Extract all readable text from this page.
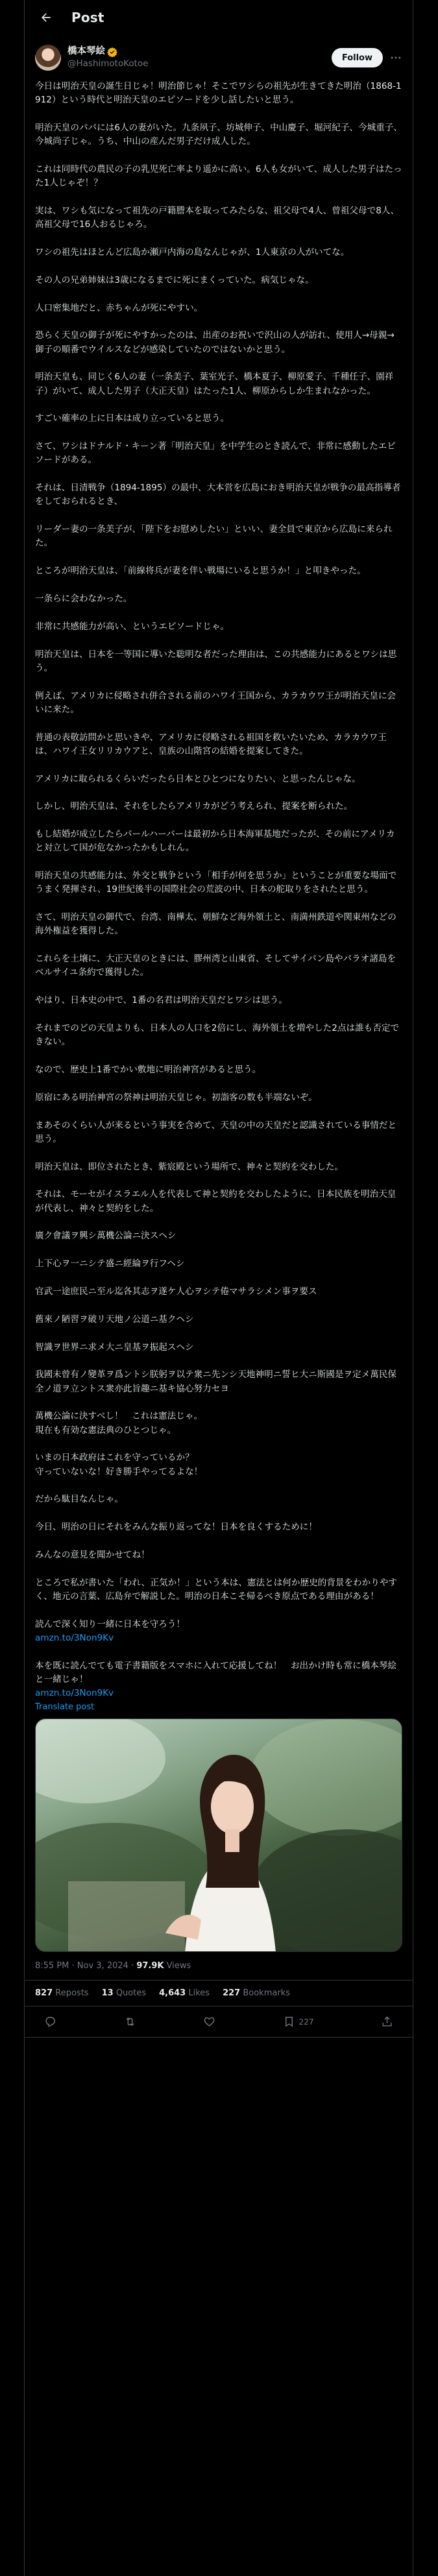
Post
橋本琴絵
@HashimotoKotoe
Follow

今日は明治天皇の誕生日じゃ！明治節じゃ！そこでワシらの祖先が生きてきた明治（1868-1912）という時代と明治天皇のエピソードを少し話したいと思う。

明治天皇のパパには6人の妻がいた。九条夙子、坊城伸子、中山慶子、堀河紀子、今城重子、今城尚子じゃ。うち、中山の産んだ男子だけ成人した。

これは同時代の農民の子の乳児死亡率より遥かに高い。6人も女がいて、成人した男子はたった1人じゃぞ！？

実は、ワシも気になって祖先の戸籍謄本を取ってみたらな、祖父母で4人、曾祖父母で8人、高祖父母で16人おるじゃろ。

ワシの祖先はほとんど広島か瀬戸内海の島なんじゃが、1人東京の人がいてな。

その人の兄弟姉妹は3歳になるまでに死にまくっていた。病気じゃな。

人口密集地だと、赤ちゃんが死にやすい。

恐らく天皇の御子が死にやすかったのは、出産のお祝いで沢山の人が訪れ、使用人→母親→御子の順番でウイルスなどが感染していたのではないかと思う。

明治天皇も、同じく6人の妻（一条美子、葉室光子、橋本夏子、柳原愛子、千種任子、園祥子）がいて、成人した男子（大正天皇）はたった1人、柳原からしか生まれなかった。

すごい確率の上に日本は成り立っていると思う。

さて、ワシはドナルド・キーン著「明治天皇」を中学生のとき読んで、非常に感動したエピソードがある。

それは、日清戦争（1894-1895）の最中、大本営を広島におき明治天皇が戦争の最高指導者をしておられるとき、

リーダー妻の一条美子が、「陛下をお慰めしたい」といい、妻全員で東京から広島に来られた。

ところが明治天皇は、「前線将兵が妻を伴い戦場にいると思うか！」と叩きやった。

一条らに会わなかった。

非常に共感能力が高い、というエピソードじゃ。

明治天皇は、日本を一等国に導いた聡明な者だった理由は、この共感能力にあるとワシは思う。

例えば、アメリカに侵略され併合される前のハワイ王国から、カラカウワ王が明治天皇に会いに来た。

普通の表敬訪問かと思いきや、アメリカに侵略される祖国を救いたいため、カラカウワ王は、ハワイ王女リリカウアと、皇族の山階宮の結婚を提案してきた。

アメリカに取られるくらいだったら日本とひとつになりたい、と思ったんじゃな。

しかし、明治天皇は、それをしたらアメリカがどう考えられ、提案を断られた。

もし結婚が成立したらパールハーバーは最初から日本海軍基地だったが、その前にアメリカと対立して国が危なかったかもしれん。

明治天皇の共感能力は、外交と戦争という「相手が何を思うか」ということが重要な場面でうまく発揮され、19世紀後半の国際社会の荒波の中、日本の舵取りをされたと思う。

さて、明治天皇の御代で、台湾、南樺太、朝鮮など海外領土と、南満州鉄道や関東州などの海外権益を獲得した。

これらを土壌に、大正天皇のときには、膠州湾と山東省、そしてサイパン島やパラオ諸島をベルサイユ条約で獲得した。

やはり、日本史の中で、1番の名君は明治天皇だとワシは思う。

それまでのどの天皇よりも、日本人の人口を2倍にし、海外領土を増やした2点は誰も否定できない。

なので、歴史上1番でかい敷地に明治神宮があると思う。

原宿にある明治神宮の祭神は明治天皇じゃ。初詣客の数も半端ないぞ。

まあそのくらい人が来るという事実を含めて、天皇の中の天皇だと認識されている事情だと思う。

明治天皇は、即位されたとき、紫宸殿という場所で、神々と契約を交わした。

それは、モーセがイスラエル人を代表して神と契約を交わしたように、日本民族を明治天皇が代表し、神々と契約をした。

廣ク會議ヲ興シ萬機公論ニ決スヘシ

上下心ヲ一ニシテ盛ニ經綸ヲ行フヘシ

官武一途庶民ニ至ル迄各其志ヲ遂ケ人心ヲシテ倦マサラシメン事ヲ要ス

舊來ノ陋習ヲ破リ天地ノ公道ニ基クヘシ

智識ヲ世界ニ求メ大ニ皇基ヲ振起スヘシ

我國未曾有ノ變革ヲ爲ントシ朕躬ヲ以テ衆ニ先ンシ天地神明ニ誓ヒ大ニ斯國是ヲ定メ萬民保全ノ道ヲ立ントス衆亦此旨趣ニ基キ協心努力セヨ

萬機公論に決すべし！　これは憲法じゃ。
現在も有効な憲法典のひとつじゃ。

いまの日本政府はこれを守っているか？
守っていないな！好き勝手やってるよな！

だから駄目なんじゃ。

今日、明治の日にそれをみんな振り返ってな！日本を良くするために！

みんなの意見を聞かせてね！

ところで私が書いた「われ、正気か！」という本は、憲法とは何か歴史的背景をわかりやすく、地元の言葉、広島弁で解説した。明治の日本こそ帰るべき原点である理由がある！

読んで深く知り一緒に日本を守ろう！

amzn.to/3Non9Kv

本を既に読んでても電子書籍版をスマホに入れて応援してね！　お出かけ時も常に橋本琴絵と一緒じゃ！

amzn.to/3Non9Kv

Translate post
8:55 PM · Nov 3, 2024 · 97.9K Views
827 Reposts 13 Quotes 4,643 Likes 227 Bookmarks
227
